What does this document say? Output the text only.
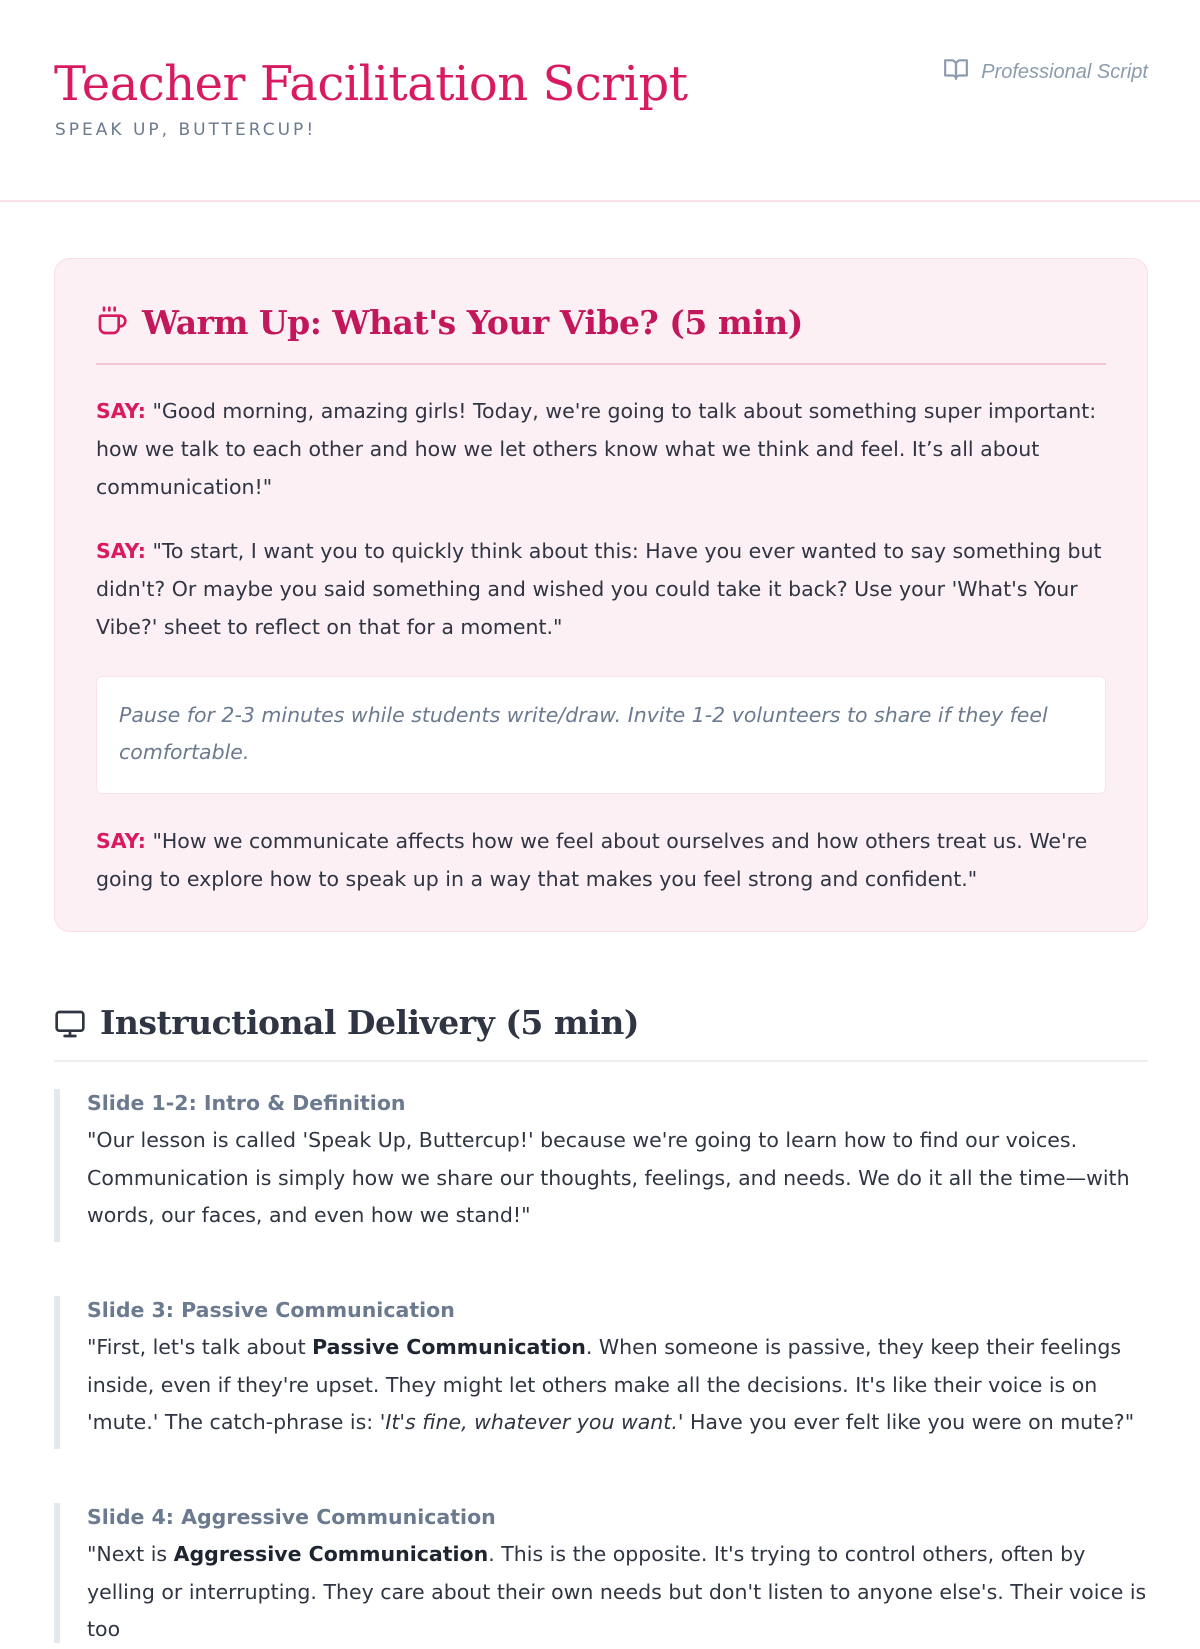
Teacher Facilitation Script
SPEAK UP, BUTTERCUP!
Professional Script
Warm Up: What's Your Vibe? (5 min)

SAY: "Good morning, amazing girls! Today, we're going to talk about something super important: how we talk to each other and how we let others know what we think and feel. It’s all about communication!"

SAY: "To start, I want you to quickly think about this: Have you ever wanted to say something but didn't? Or maybe you said something and wished you could take it back? Use your 'What's Your Vibe?' sheet to reflect on that for a moment."

Pause for 2-3 minutes while students write/draw. Invite 1-2 volunteers to share if they feel comfortable.

SAY: "How we communicate affects how we feel about ourselves and how others treat us. We're going to explore how to speak up in a way that makes you feel strong and confident."

Instructional Delivery (5 min)
Slide 1-2: Intro & Definition

"Our lesson is called 'Speak Up, Buttercup!' because we're going to learn how to find our voices. Communication is simply how we share our thoughts, feelings, and needs. We do it all the time—with words, our faces, and even how we stand!"

Slide 3: Passive Communication

"First, let's talk about Passive Communication. When someone is passive, they keep their feelings inside, even if they're upset. They might let others make all the decisions. It's like their voice is on 'mute.' The catch-phrase is: 'It's fine, whatever you want.' Have you ever felt like you were on mute?"

Slide 4: Aggressive Communication

"Next is Aggressive Communication. This is the opposite. It's trying to control others, often by yelling or interrupting. They care about their own needs but don't listen to anyone else's. Their voice is too
